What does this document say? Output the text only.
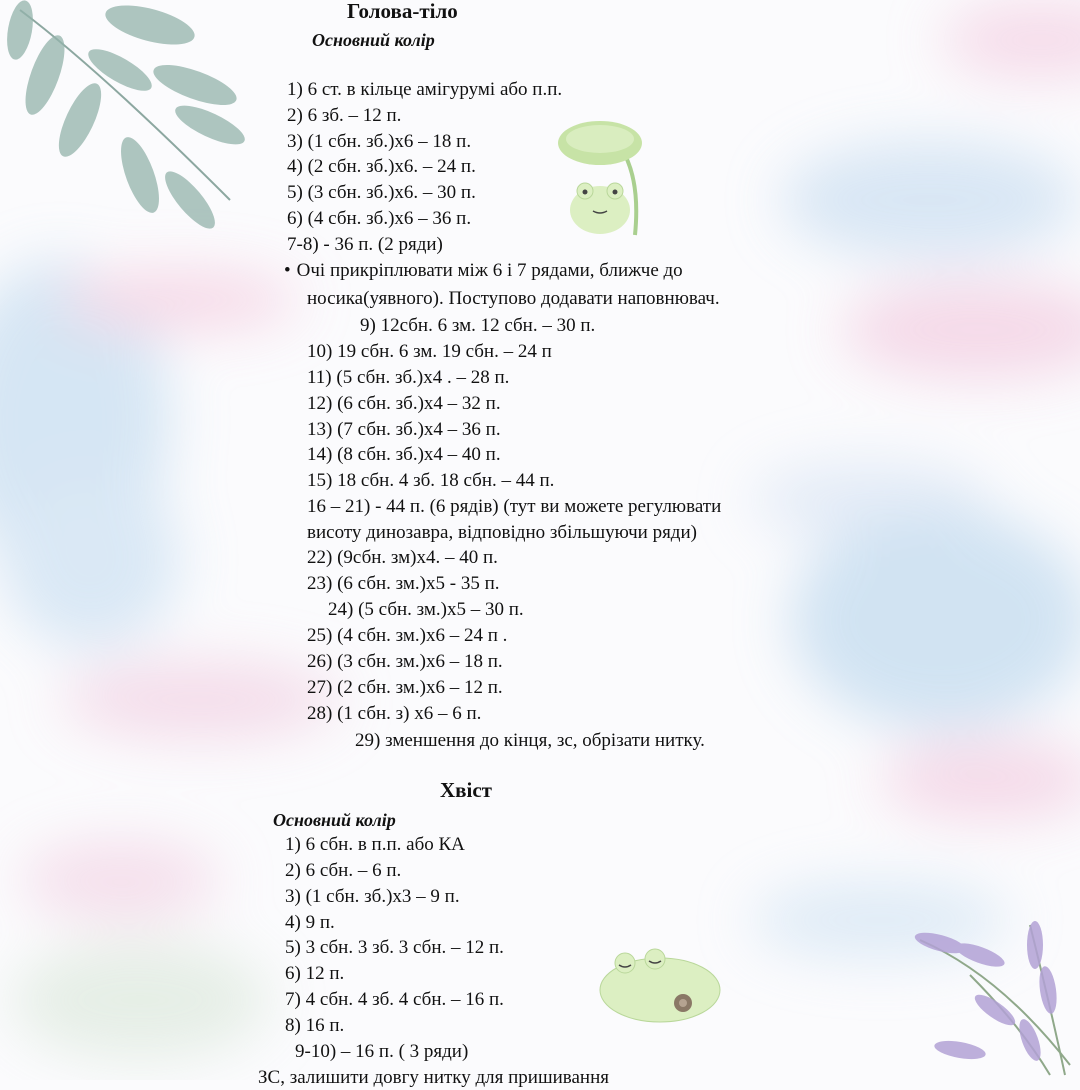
Голова-тіло
Основний колір
1) 6 ст. в кільце амігурумі або п.п.
2) 6 зб. – 12 п.
3) (1 сбн. зб.)х6 – 18 п.
4) (2 сбн. зб.)х6. – 24 п.
5) (3 сбн. зб.)х6. – 30 п.
6) (4 сбн. зб.)х6 – 36 п.
7-8) - 36 п. (2 ряди)
• Очі прикріплювати між 6 і 7 рядами, ближче до
носика(уявного). Поступово додавати наповнювач.
9) 12сбн. 6 зм. 12 сбн. – 30 п.
10) 19 сбн. 6 зм. 19 сбн. – 24 п
11) (5 сбн. зб.)х4 . – 28 п.
12) (6 сбн. зб.)х4 – 32 п.
13) (7 сбн. зб.)х4 – 36 п.
14) (8 сбн. зб.)х4 – 40 п.
15) 18 сбн. 4 зб. 18 сбн. – 44 п.
16 – 21) - 44 п. (6 рядів) (тут ви можете регулювати
висоту динозавра, відповідно збільшуючи ряди)
22) (9сбн. зм)х4. – 40 п.
23) (6 сбн. зм.)х5 - 35 п.
24) (5 сбн. зм.)х5 – 30 п.
25) (4 сбн. зм.)х6 – 24 п .
26) (3 сбн. зм.)х6 – 18 п.
27) (2 сбн. зм.)х6 – 12 п.
28) (1 сбн. з) х6 – 6 п.
29) зменшення до кінця, зс, обрізати нитку.
Хвіст
Основний колір
1) 6 сбн. в п.п. або КА
2) 6 сбн. – 6 п.
3) (1 сбн. зб.)х3 – 9 п.
4) 9 п.
5) 3 сбн. 3 зб. 3 сбн. – 12 п.
6) 12 п.
7) 4 сбн. 4 зб. 4 сбн. – 16 п.
8) 16 п.
9-10) – 16 п. ( 3 ряди)
ЗС, залишити довгу нитку для пришивання
